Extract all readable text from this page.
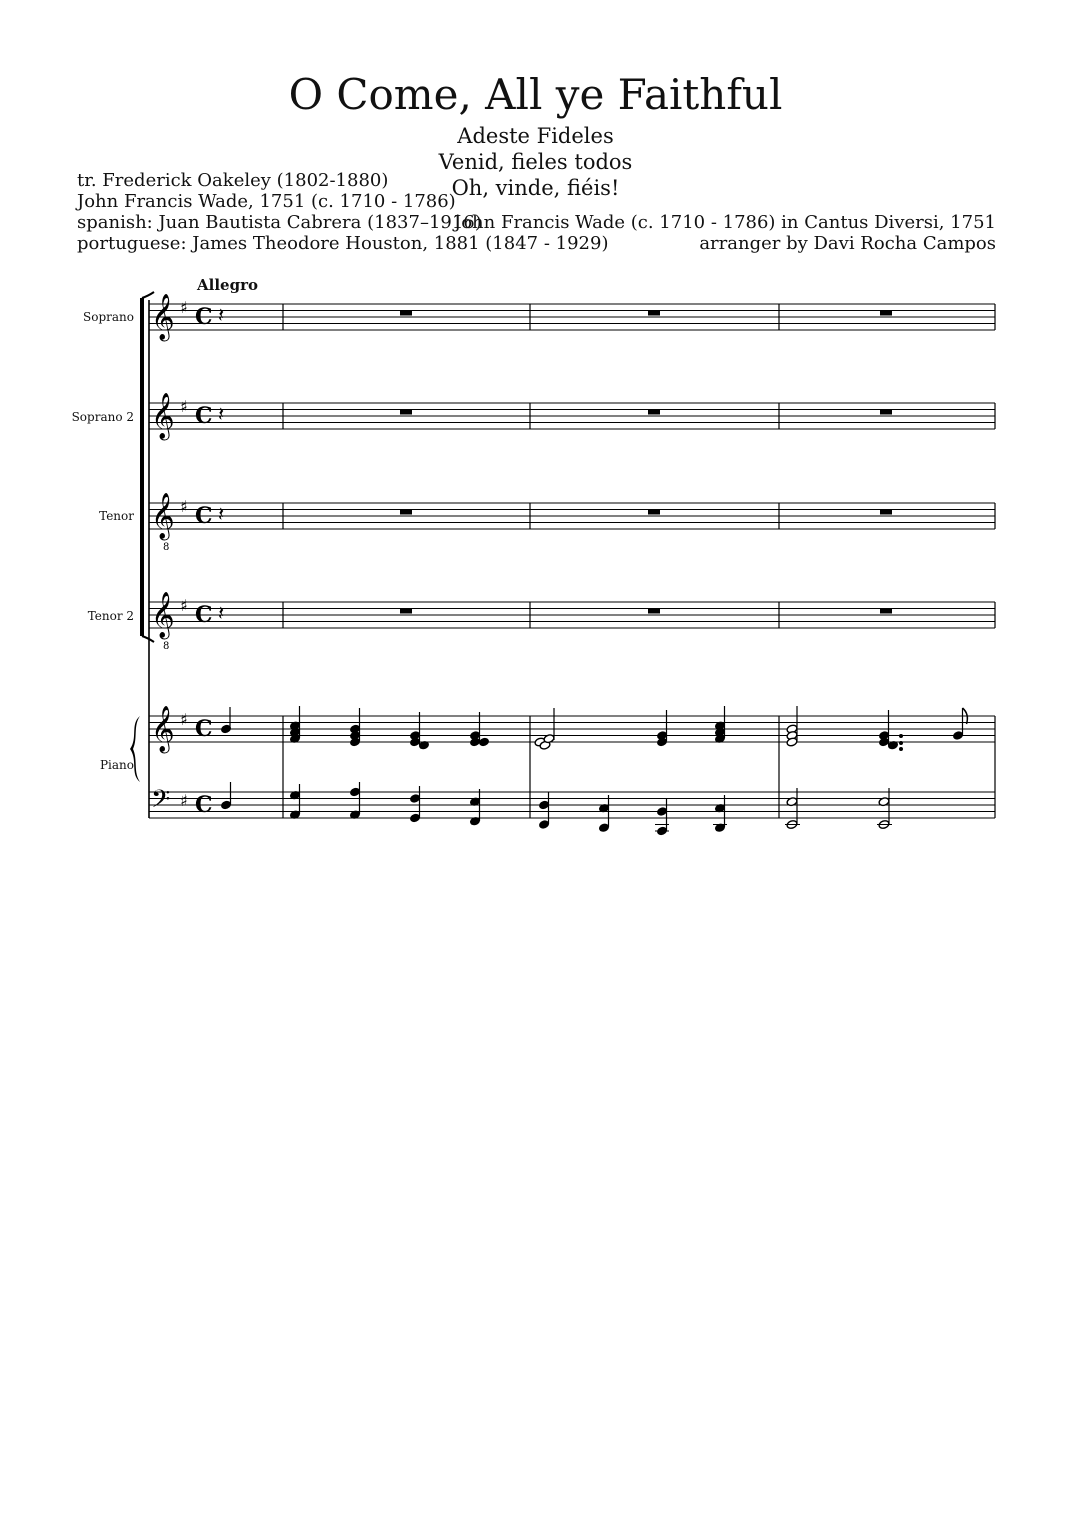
O Come, All ye Faithful
Adeste Fideles
Venid, fieles todos
Oh, vinde, fiéis!
tr. Frederick Oakeley (1802-1880)
John Francis Wade, 1751 (c. 1710 - 1786)
spanish: Juan Bautista Cabrera (1837–1916)
portuguese: James Theodore Houston, 1881 (1847 - 1929)
John Francis Wade (c. 1710 - 1786) in Cantus Diversi, 1751
arranger by Davi Rocha Campos
Allegro
Soprano
Soprano 2
Tenor
Tenor 2
Piano
𝄞 ♯ C
𝄞 ♯ C
𝄞
8
♯ C
𝄞
8
♯ C
𝄞 ♯ C
𝄢 ♯ C
𝄽
𝄽
𝄽
𝄽
